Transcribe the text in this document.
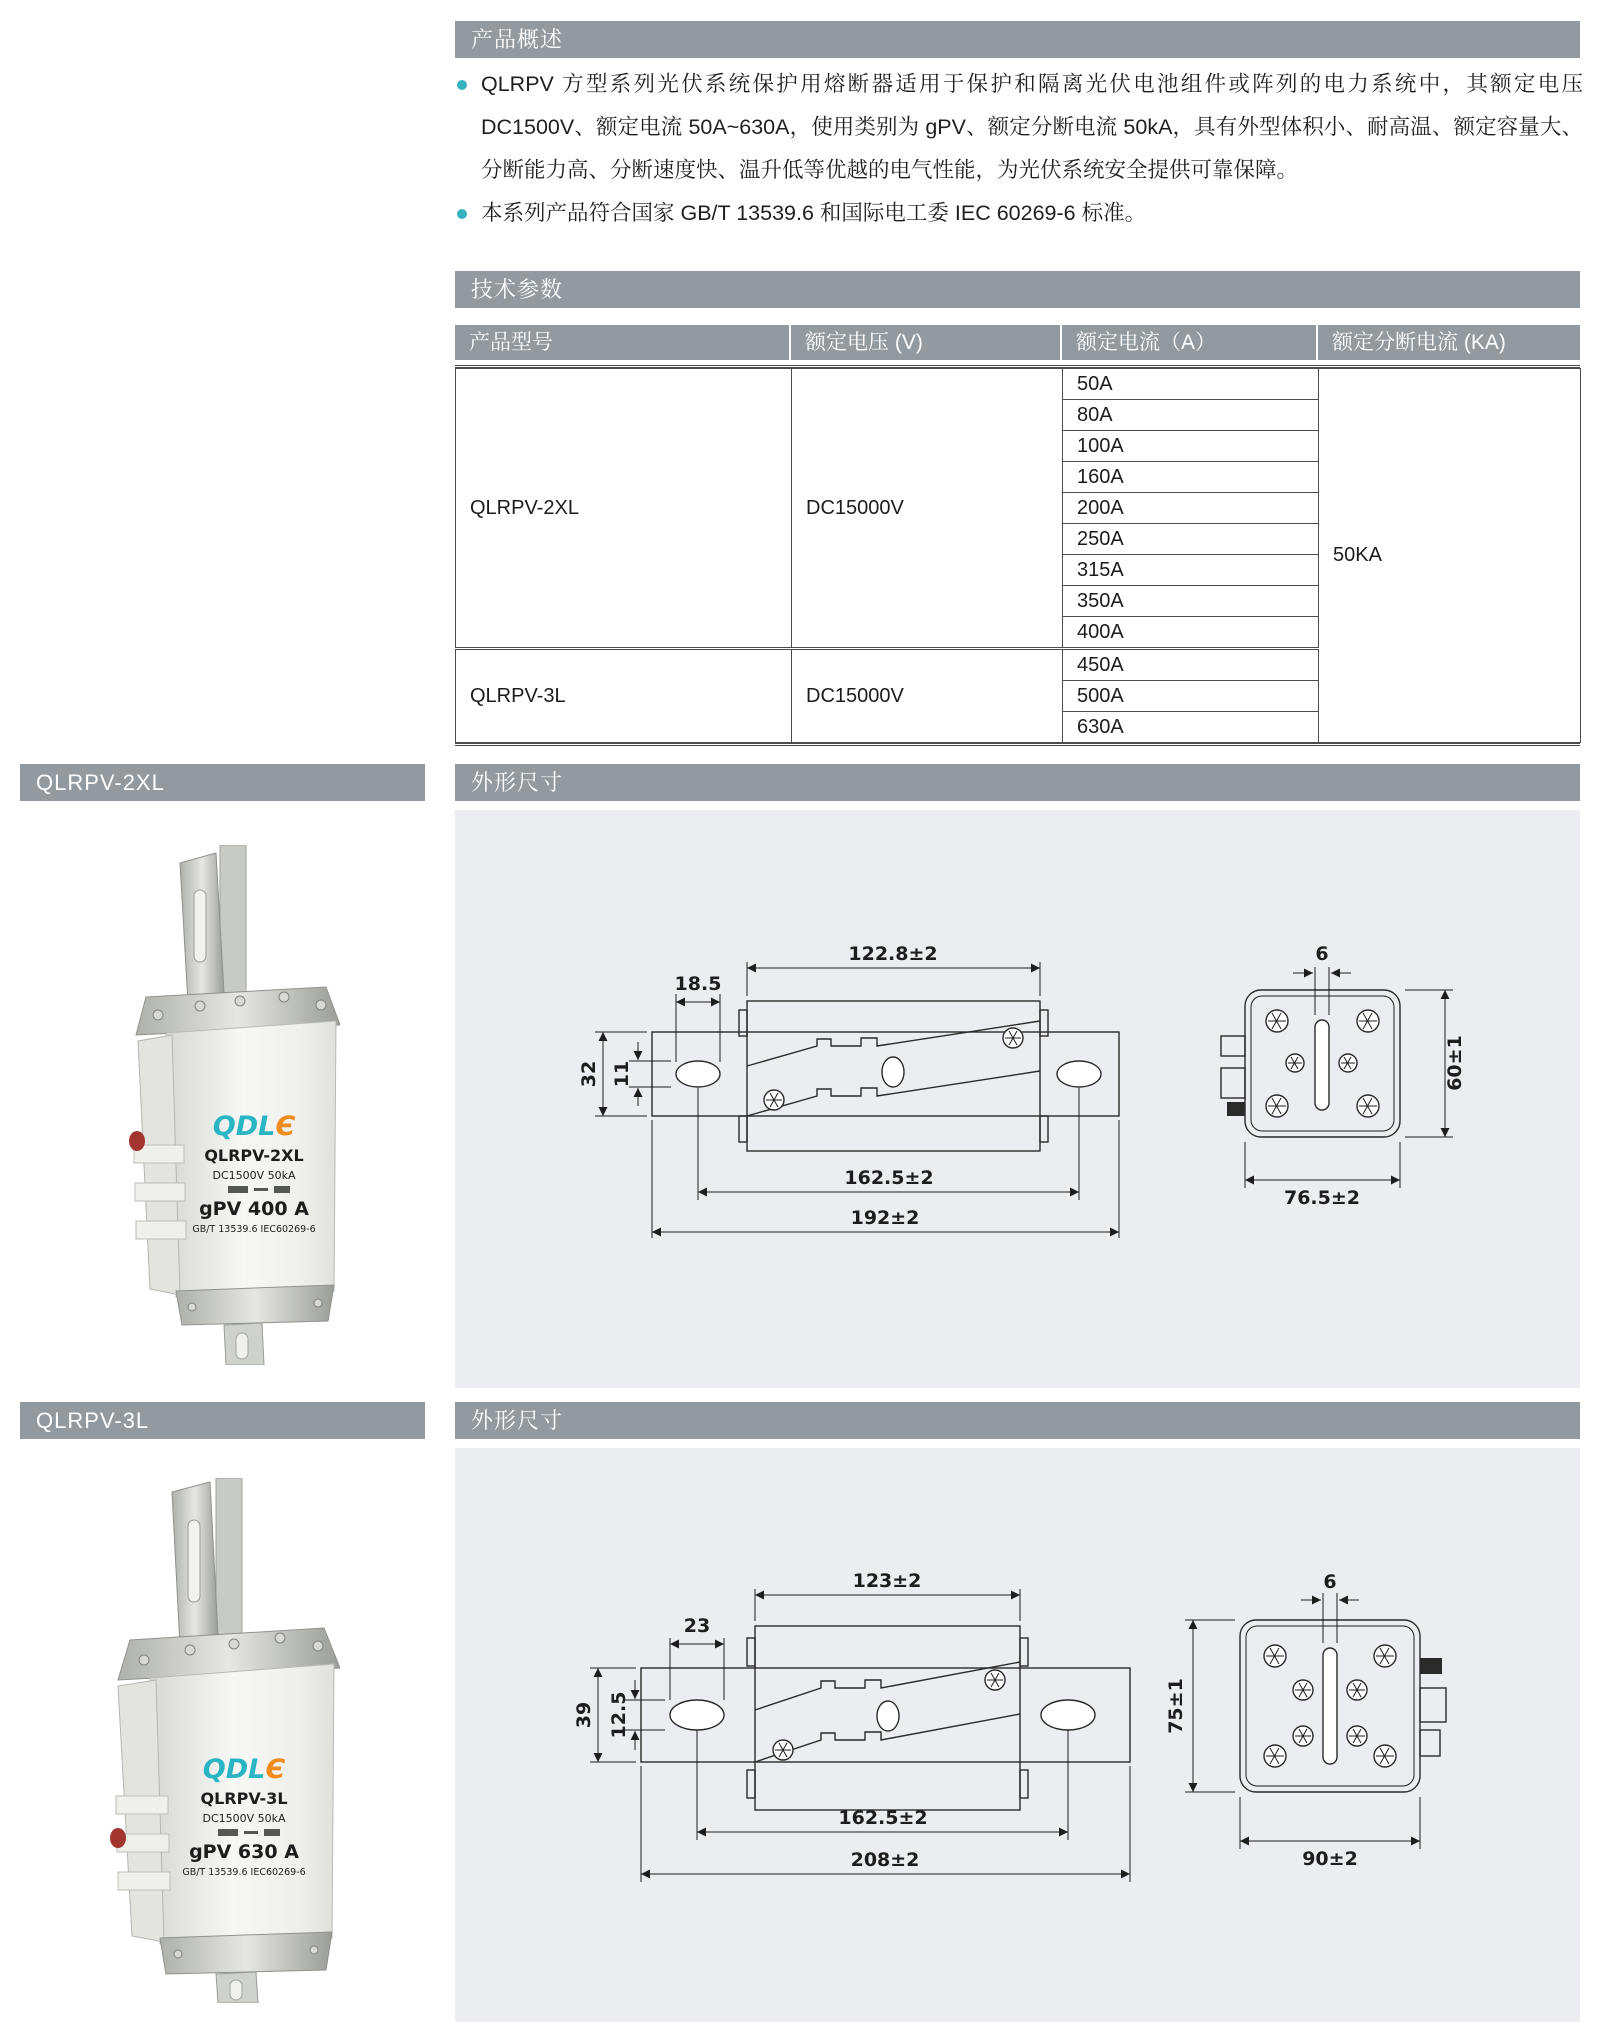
产品概述
QLRPV 方型系列光伏系统保护用熔断器适用于保护和隔离光伏电池组件或阵列的电力系统中，其额定电压 DC1500V、额定电流 50A~630A，使用类别为 gPV、额定分断电流 50kA，具有外型体积小、耐高温、额定容量大、分断能力高、分断速度快、温升低等优越的电气性能，为光伏系统安全提供可靠保障。
本系列产品符合国家 GB/T 13539.6 和国际电工委 IEC 60269-6 标准。
技术参数
产品型号	额定电压 (V)	额定电流（A）	额定分断电流 (KA)
QLRPV-2XL	DC15000V	50A	50KA
		80A	
		100A	
		160A	
		200A	
		250A	
		315A	
		350A	
		400A	
QLRPV-3L	DC15000V	450A	
		500A	
		630A	
QLRPV-2XL	外形尺寸
QDLЄ
QLRPV-2XL
DC1500V 50kA
gPV 400 A
GB/T 13539.6 IEC60269-6
122.8±2
18.5
32 11
162.5±2
192±2
6
60±1
76.5±2
QLRPV-3L	外形尺寸
QDLЄ
QLRPV-3L
DC1500V 50kA
gPV 630 A
GB/T 13539.6 IEC60269-6
123±2
23
39 12.5
162.5±2
208±2
6
75±1
90±2
